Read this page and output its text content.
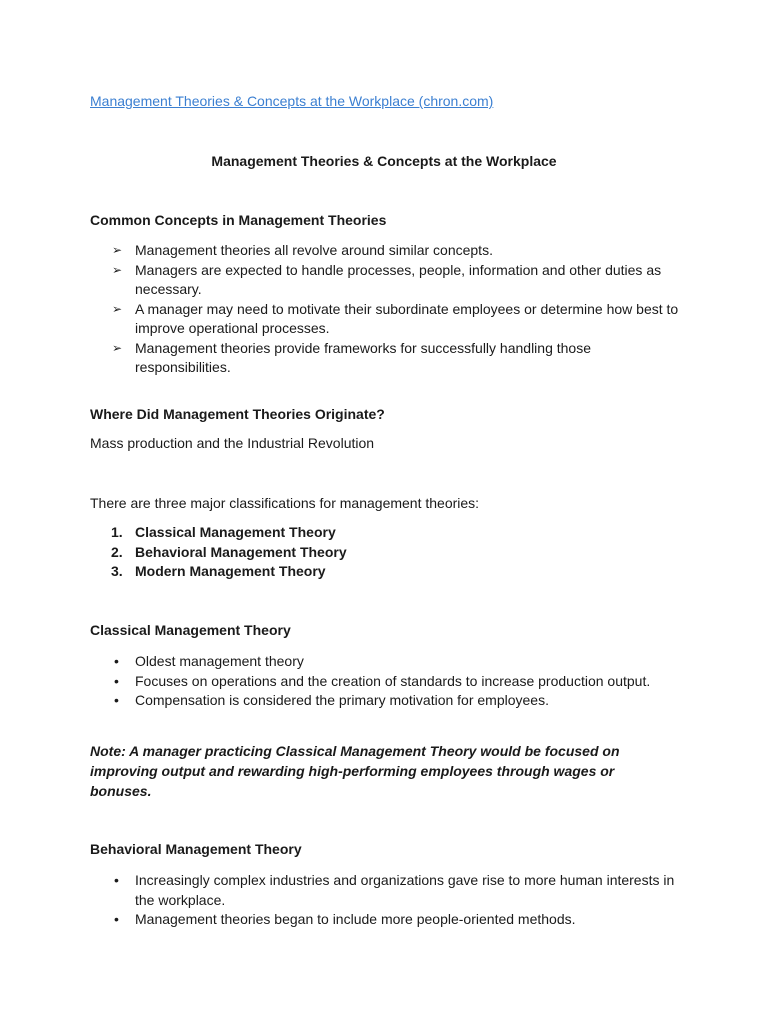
Management Theories & Concepts at the Workplace (chron.com)
Management Theories & Concepts at the Workplace
Common Concepts in Management Theories
➢ Management theories all revolve around similar concepts.
➢ Managers are expected to handle processes, people, information and other duties as necessary.
➢ A manager may need to motivate their subordinate employees or determine how best to improve operational processes.
➢ Management theories provide frameworks for successfully handling those responsibilities.
Where Did Management Theories Originate?
Mass production and the Industrial Revolution
There are three major classifications for management theories:
1. Classical Management Theory
2. Behavioral Management Theory
3. Modern Management Theory
Classical Management Theory
• Oldest management theory
• Focuses on operations and the creation of standards to increase production output.
• Compensation is considered the primary motivation for employees.
Note: A manager practicing Classical Management Theory would be focused on improving output and rewarding high-performing employees through wages or bonuses.
Behavioral Management Theory
• Increasingly complex industries and organizations gave rise to more human interests in the workplace.
• Management theories began to include more people-oriented methods.
